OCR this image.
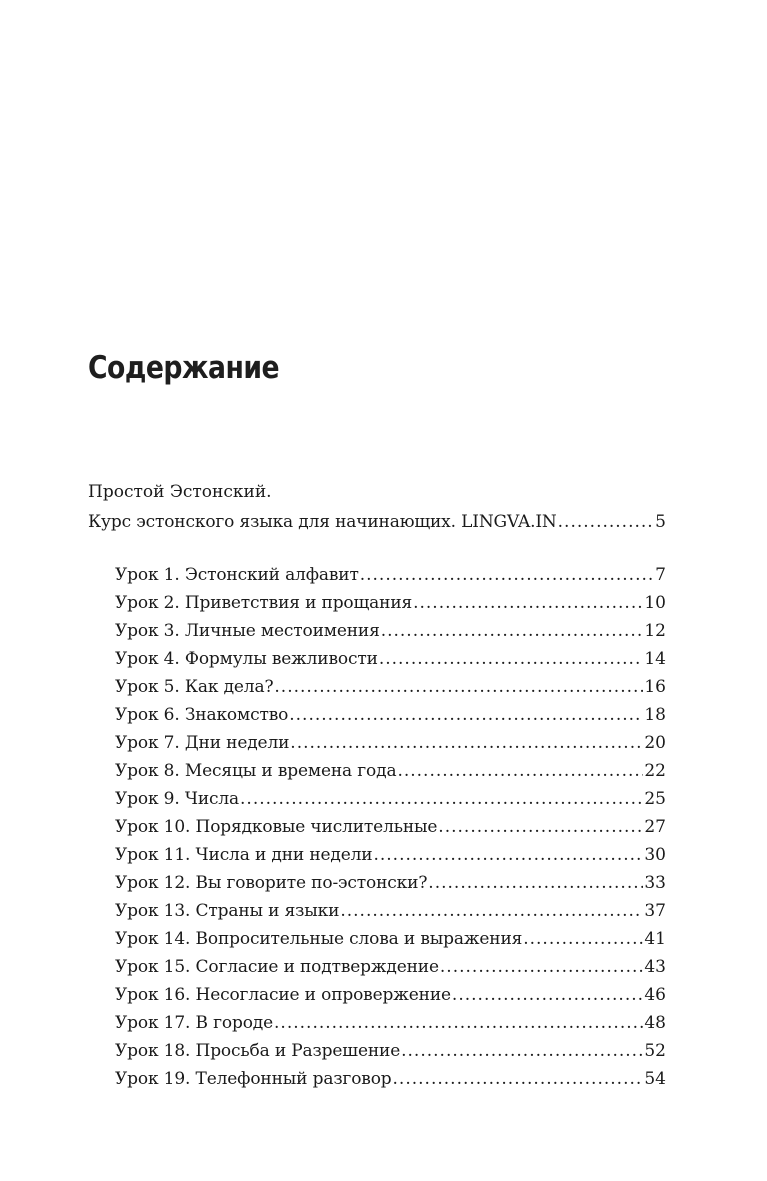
Содержание
Простой Эстонский.
Курс эстонского языка для начинающих. LINGVA.IN .....	5
Урок 1. Эстонский алфавит .....	7
Урок 2. Приветствия и прощания .....	10
Урок 3. Личные местоимения .....	12
Урок 4. Формулы вежливости .....	14
Урок 5. Как дела? .....	16
Урок 6. Знакомство .....	18
Урок 7. Дни недели .....	20
Урок 8. Месяцы и времена года .....	22
Урок 9. Числа .....	25
Урок 10. Порядковые числительные .....	27
Урок 11. Числа и дни недели .....	30
Урок 12. Вы говорите по-эстонски? .....	33
Урок 13. Страны и языки .....	37
Урок 14. Вопросительные слова и выражения .....	41
Урок 15. Согласие и подтверждение .....	43
Урок 16. Несогласие и опровержение .....	46
Урок 17. В городе .....	48
Урок 18. Просьба и Разрешение .....	52
Урок 19. Телефонный разговор .....	54
